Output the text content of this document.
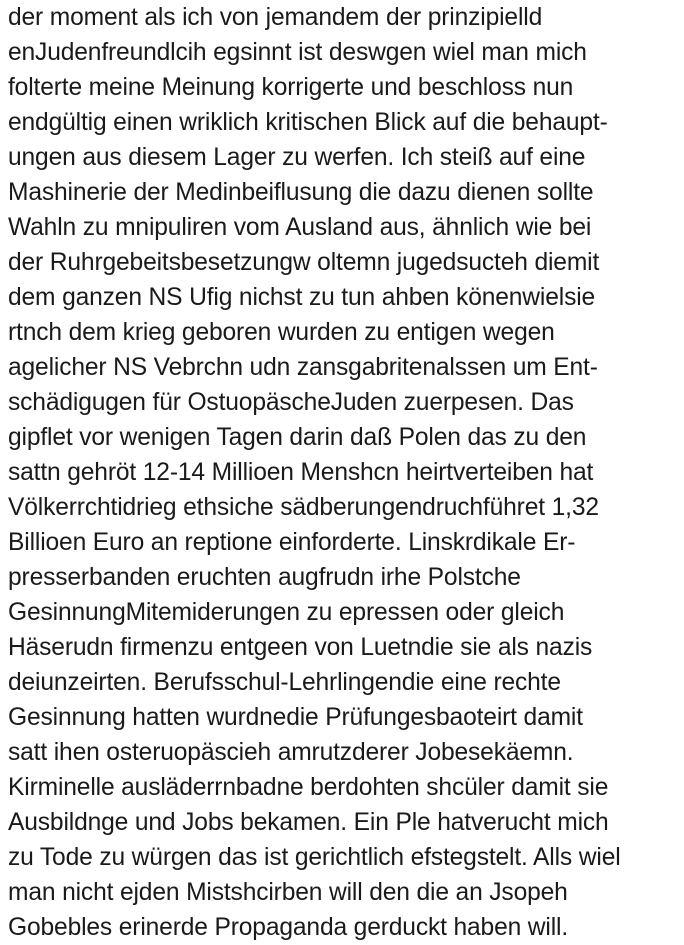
der moment als ich von jemandem der prinzipielld
enJudenfreundlcih egsinnt ist deswgen wiel man mich
folterte meine Meinung korrigerte und beschloss nun
endgültig einen wriklich kritischen Blick auf die behaupt-
ungen aus diesem Lager zu werfen. Ich steiß auf eine
Mashinerie der Medinbeiflusung die dazu dienen sollte
Wahln zu mnipuliren vom Ausland aus, ähnlich wie bei
der Ruhrgebeitsbesetzungw oltemn jugedsucteh diemit
dem ganzen NS Ufig nichst zu tun ahben könenwielsie
rtnch dem krieg geboren wurden zu entigen wegen
agelicher NS Vebrchn udn zansgabritenalssen um Ent-
schädigugen für OstuopäscheJuden zuerpesen. Das
gipflet vor wenigen Tagen darin daß Polen das zu den
sattn gehröt 12-14 Millioen Menshcn heirtverteiben hat
Völkerrchtidrieg ethsiche sädberungendruchführet 1,32
Billioen Euro an reptione einforderte. Linskrdikale Er-
presserbanden eruchten augfrudn irhe Polstche
GesinnungMitemiderungen zu epressen oder gleich
Häserudn firmenzu entgeen von Luetndie sie als nazis
deiunzeirten. Berufsschul-Lehrlingendie eine rechte
Gesinnung hatten wurdnedie Prüfungesbaoteirt damit
satt ihen osteruopäscieh amrutzderer Jobesekäemn.
Kirminelle ausläderrnbadne berdohten shcüler damit sie
Ausbildnge und Jobs bekamen. Ein Ple hatverucht mich
zu Tode zu würgen das ist gerichtlich efstegstelt. Alls wiel
man nicht ejden Mistshcirben will den die an Jsopeh
Gobebles erinerde Propaganda gerduckt haben will.
